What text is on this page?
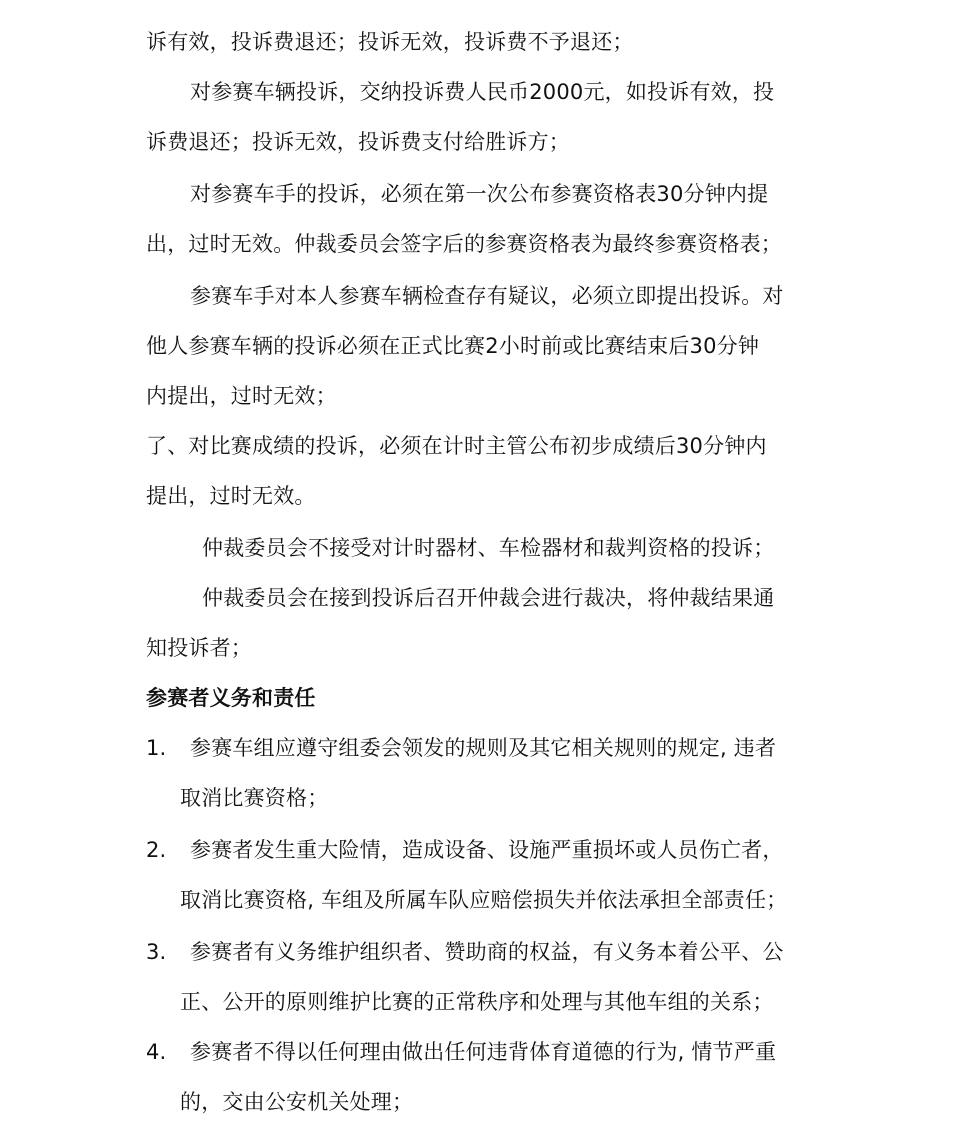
诉有效，投诉费退还；投诉无效，投诉费不予退还；
对参赛车辆投诉，交纳投诉费人民币2000元，如投诉有效，投
诉费退还；投诉无效，投诉费支付给胜诉方；
对参赛车手的投诉，必须在第一次公布参赛资格表30分钟内提
出，过时无效。仲裁委员会签字后的参赛资格表为最终参赛资格表；
参赛车手对本人参赛车辆检查存有疑议，必须立即提出投诉。对
他人参赛车辆的投诉必须在正式比赛2小时前或比赛结束后30分钟
内提出，过时无效；
了、对比赛成绩的投诉，必须在计时主管公布初步成绩后30分钟内
提出，过时无效。
仲裁委员会不接受对计时器材、车检器材和裁判资格的投诉；
仲裁委员会在接到投诉后召开仲裁会进行裁决，将仲裁结果通
知投诉者；
参赛者义务和责任
1. 参赛车组应遵守组委会领发的规则及其它相关规则的规定, 违者
取消比赛资格；
2. 参赛者发生重大险情，造成设备、设施严重损坏或人员伤亡者，
取消比赛资格, 车组及所属车队应赔偿损失并依法承担全部责任；
3. 参赛者有义务维护组织者、赞助商的权益，有义务本着公平、公
正、公开的原则维护比赛的正常秩序和处理与其他车组的关系；
4. 参赛者不得以任何理由做出任何违背体育道德的行为, 情节严重
的，交由公安机关处理；
